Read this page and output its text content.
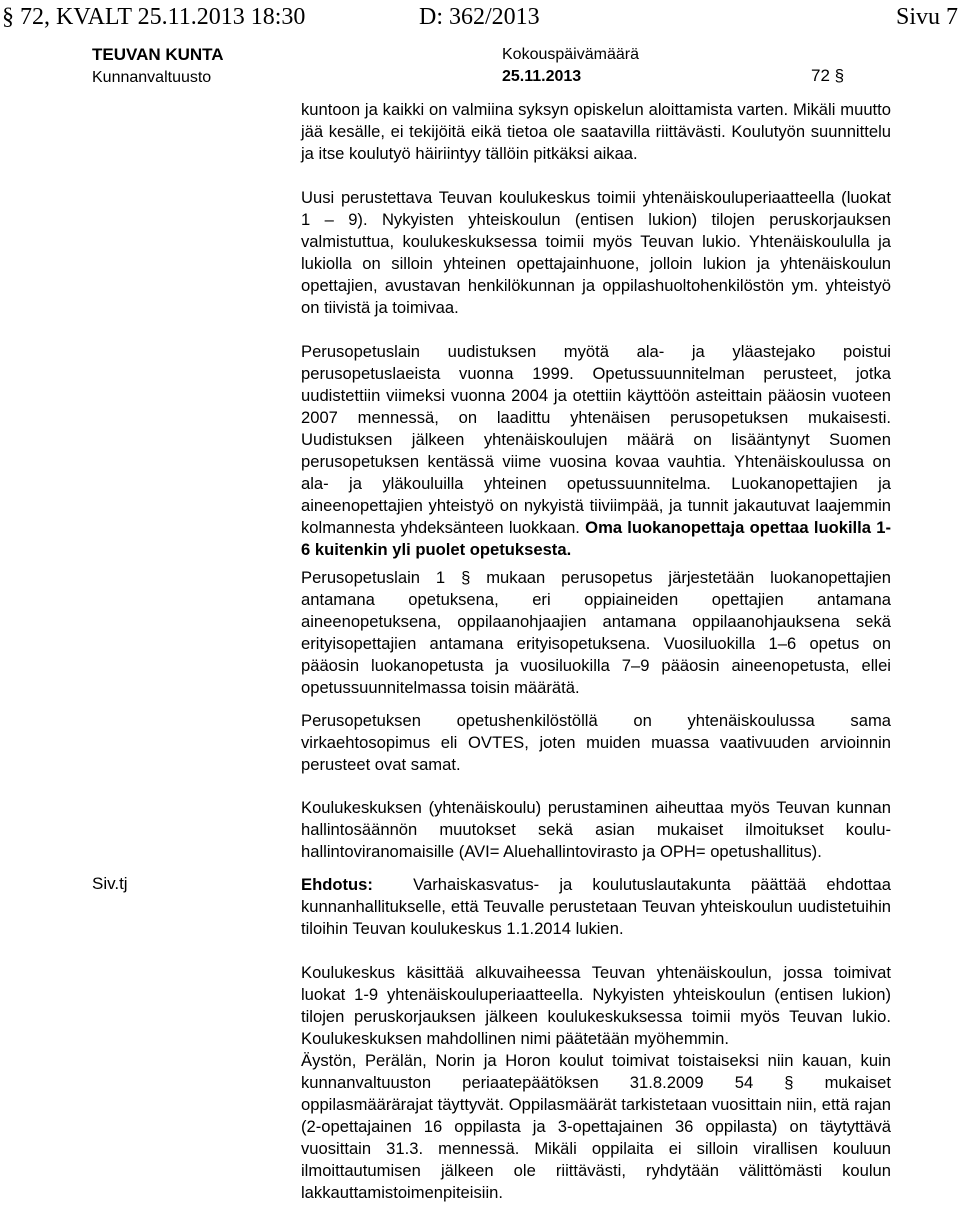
§ 72, KVALT 25.11.2013 18:30	D: 362/2013	Sivu 7
TEUVAN KUNTA
Kunnanvaltuusto
Kokouspäivämäärä
25.11.2013	72 §

kuntoon ja kaikki on valmiina syksyn opiskelun aloittamista varten. Mikäli muutto jää kesälle, ei tekijöitä eikä tietoa ole saatavilla riittävästi. Koulutyön suunnittelu ja itse koulutyö häiriintyy tällöin pitkäksi aikaa.

Uusi perustettava Teuvan koulukeskus toimii yhtenäiskouluperiaatteella (luokat 1 – 9). Nykyisten yhteiskoulun (entisen lukion) tilojen peruskorjauksen valmistuttua, koulukeskuksessa toimii myös Teuvan lukio. Yhtenäiskoululla ja lukiolla on silloin yhteinen opettajainhuone, jolloin lukion ja yhtenäiskoulun opettajien, avustavan henkilökunnan ja oppilashuoltohenkilöstön ym. yhteistyö on tiivistä ja toimivaa.

Perusopetuslain uudistuksen myötä ala- ja yläastejako poistui perusopetuslaeista vuonna 1999. Opetussuunnitelman perusteet, jotka uudistettiin viimeksi vuonna 2004 ja otettiin käyttöön asteittain pääosin vuoteen 2007 mennessä, on laadittu yhtenäisen perusopetuksen mukaisesti. Uudistuksen jälkeen yhtenäiskoulujen määrä on lisääntynyt Suomen perusopetuksen kentässä viime vuosina kovaa vauhtia. Yhtenäiskoulussa on ala- ja yläkouluilla yhteinen opetussuunnitelma. Luokanopettajien ja aineenopettajien yhteistyö on nykyistä tiiviimpää, ja tunnit jakautuvat laajemmin kolmannesta yhdeksänteen luokkaan. Oma luokanopettaja opettaa luokilla 1-6 kuitenkin yli puolet opetuksesta.

Perusopetuslain 1 § mukaan perusopetus järjestetään luokanopettajien antamana opetuksena, eri oppiaineiden opettajien antamana aineenopetuksena, oppilaanohjaajien antamana oppilaanohjauksena sekä erityisopettajien antamana erityisopetuksena. Vuosiluokilla 1–6 opetus on pääosin luokanopetusta ja vuosiluokilla 7–9 pääosin aineenopetusta, ellei opetussuunnitelmassa toisin määrätä.

Perusopetuksen opetushenkilöstöllä on yhtenäiskoulussa sama virkaehtosopimus eli OVTES, joten muiden muassa vaativuuden arvioinnin perusteet ovat samat.

Koulukeskuksen (yhtenäiskoulu) perustaminen aiheuttaa myös Teuvan kunnan hallintosäännön muutokset sekä asian mukaiset ilmoitukset kouluhallintoviranomaisille (AVI= Aluehallintovirasto ja OPH= opetushallitus).

Siv.tj	Ehdotus: Varhaiskasvatus- ja koulutuslautakunta päättää ehdottaa kunnanhallitukselle, että Teuvalle perustetaan Teuvan yhteiskoulun uudistetuihin tiloihin Teuvan koulukeskus 1.1.2014 lukien.

Koulukeskus käsittää alkuvaiheessa Teuvan yhtenäiskoulun, jossa toimivat luokat 1-9 yhtenäiskouluperiaatteella. Nykyisten yhteiskoulun (entisen lukion) tilojen peruskorjauksen jälkeen koulukeskuksessa toimii myös Teuvan lukio. Koulukeskuksen mahdollinen nimi päätetään myöhemmin.

Äystön, Perälän, Norin ja Horon koulut toimivat toistaiseksi niin kauan, kuin kunnanvaltuuston periaatepäätöksen 31.8.2009 54 § mukaiset oppilasmäärärajat täyttyvät. Oppilasmäärät tarkistetaan vuosittain niin, että rajan (2-opettajainen 16 oppilasta ja 3-opettajainen 36 oppilasta) on täytyttävä vuosittain 31.3. mennessä. Mikäli oppilaita ei silloin virallisen kouluun ilmoittautumisen jälkeen ole riittävästi, ryhdytään välittömästi koulun lakkauttamistoimenpiteisiin.
